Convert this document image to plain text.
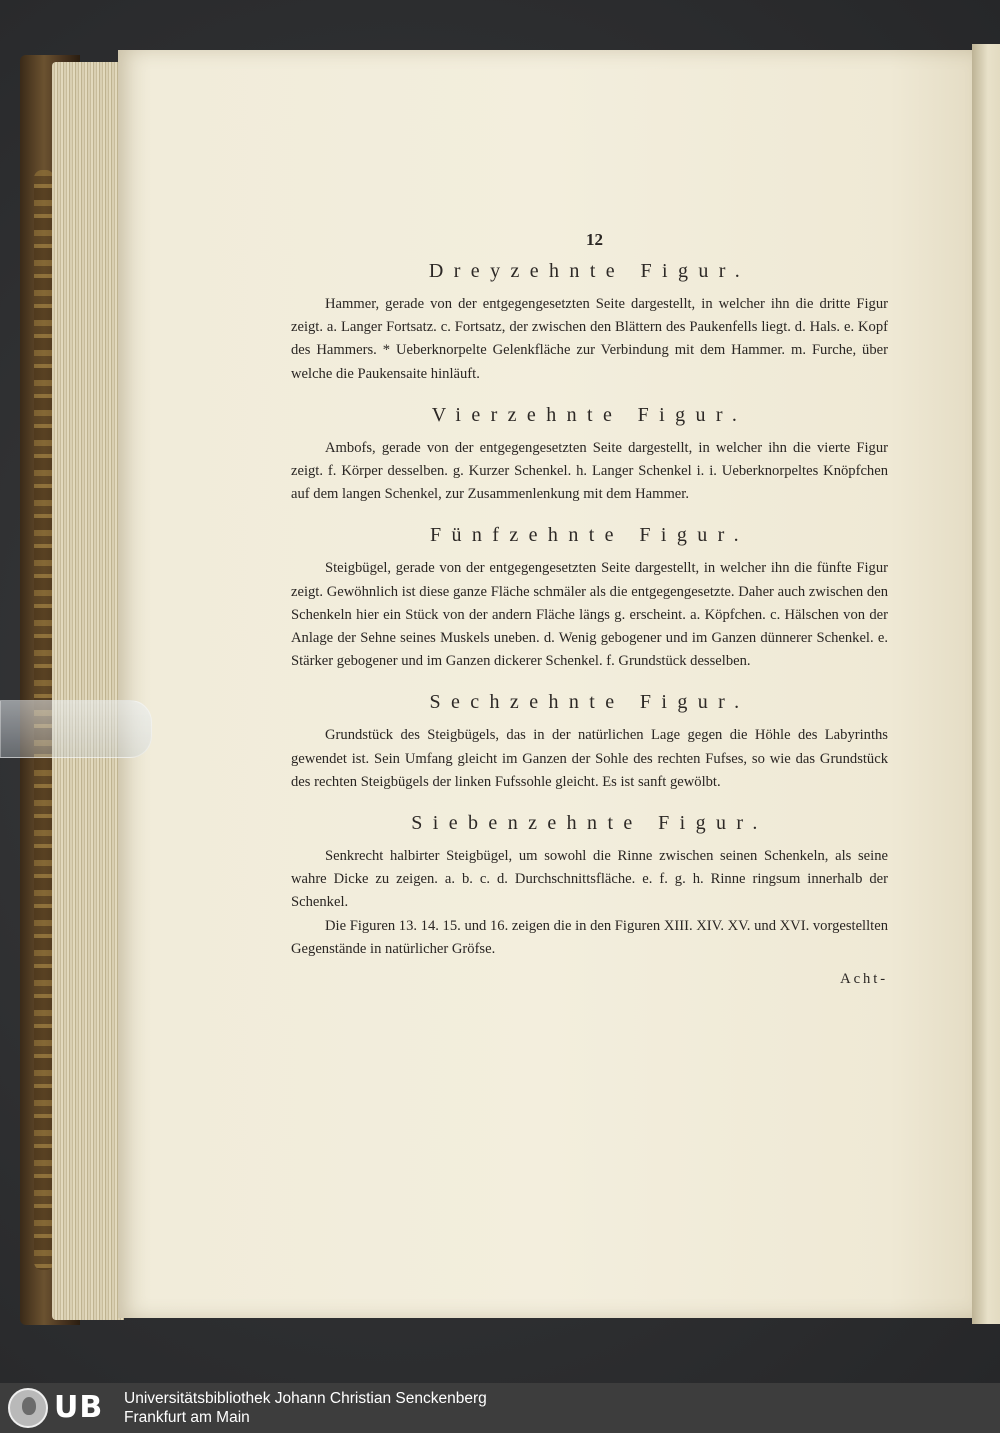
12
Dreyzehnte Figur.

Hammer, gerade von der entgegengesetzten Seite dargestellt, in welcher ihn die dritte Figur zeigt. a. Langer Fortsatz. c. Fortsatz, der zwischen den Blättern des Paukenfells liegt. d. Hals. e. Kopf des Hammers. * Ueberknorpelte Gelenkfläche zur Verbindung mit dem Hammer. m. Furche, über welche die Paukensaite hinläuft.

Vierzehnte Figur.

Ambofs, gerade von der entgegengesetzten Seite dargestellt, in welcher ihn die vierte Figur zeigt. f. Körper desselben. g. Kurzer Schenkel. h. Langer Schenkel i. i. Ueberknorpeltes Knöpfchen auf dem langen Schenkel, zur Zusammenlenkung mit dem Hammer.

Fünfzehnte Figur.

Steigbügel, gerade von der entgegengesetzten Seite dargestellt, in welcher ihn die fünfte Figur zeigt. Gewöhnlich ist diese ganze Fläche schmäler als die entgegengesetzte. Daher auch zwischen den Schenkeln hier ein Stück von der andern Fläche längs g. erscheint. a. Köpfchen. c. Hälschen von der Anlage der Sehne seines Muskels uneben. d. Wenig gebogener und im Ganzen dünnerer Schenkel. e. Stärker gebogener und im Ganzen dickerer Schenkel. f. Grundstück desselben.

Sechzehnte Figur.

Grundstück des Steigbügels, das in der natürlichen Lage gegen die Höhle des Labyrinths gewendet ist. Sein Umfang gleicht im Ganzen der Sohle des rechten Fufses, so wie das Grundstück des rechten Steigbügels der linken Fufssohle gleicht. Es ist sanft gewölbt.

Siebenzehnte Figur.

Senkrecht halbirter Steigbügel, um sowohl die Rinne zwischen seinen Schenkeln, als seine wahre Dicke zu zeigen. a. b. c. d. Durchschnittsfläche. e. f. g. h. Rinne ringsum innerhalb der Schenkel.

Die Figuren 13. 14. 15. und 16. zeigen die in den Figuren XIII. XIV. XV. und XVI. vorgestellten Gegenstände in natürlicher Gröfse.

Acht-
UB Universitätsbibliothek Johann Christian Senckenberg
Frankfurt am Main
